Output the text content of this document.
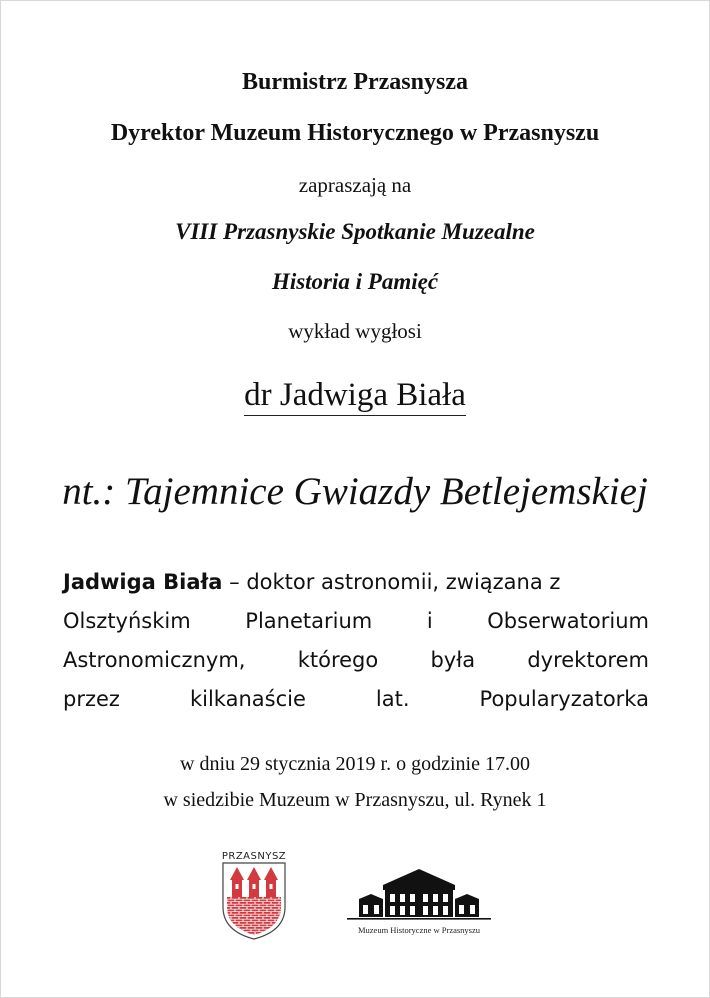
Burmistrz Przasnysza
Dyrektor Muzeum Historycznego w Przasnyszu
zapraszają na
VIII Przasnyskie Spotkanie Muzealne
Historia i Pamięć
wykład wygłosi
dr Jadwiga Biała
nt.: Tajemnice Gwiazdy Betlejemskiej
Jadwiga Biała – doktor astronomii, związana z
Olsztyńskim	Planetarium	i	Obserwatorium
Astronomicznym, którego była dyrektorem
przez	kilkanaście	lat.	Popularyzatorka
w dniu 29 stycznia 2019 r. o godzinie 17.00
w siedzibie Muzeum w Przasnyszu, ul. Rynek 1
PRZASNYSZ
Muzeum Historyczne w Przasnyszu
